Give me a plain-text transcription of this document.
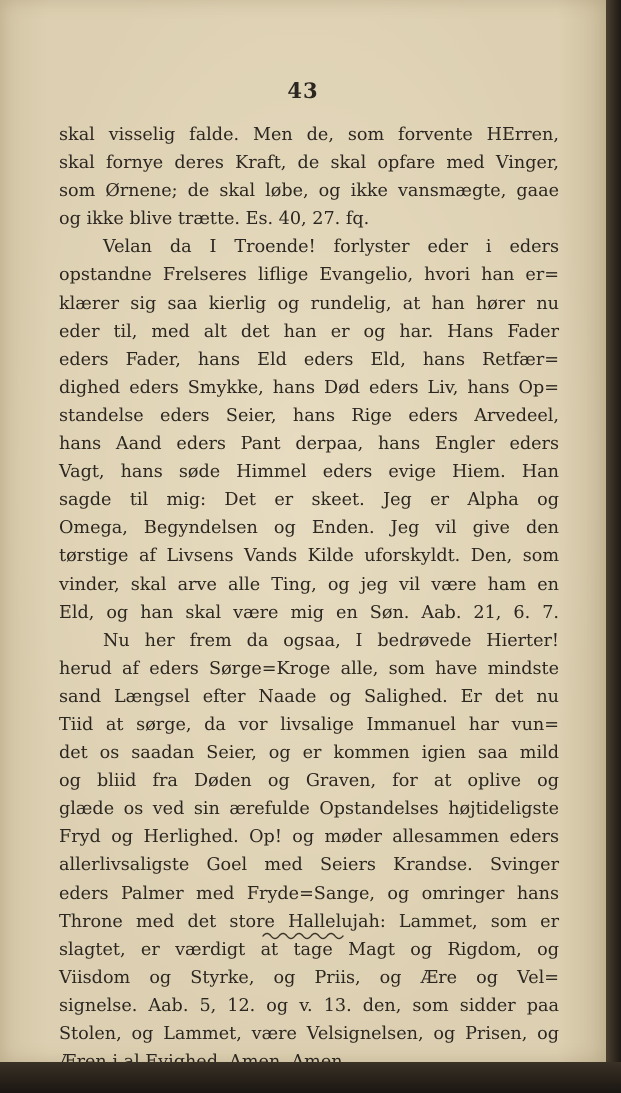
43
skal visselig falde. Men de, som forvente HErren,
skal fornye deres Kraft, de skal opfare med Vinger,
som Ørnene; de skal løbe, og ikke vansmægte, gaae
og ikke blive trætte. Es. 40, 27. fq.
Velan da I Troende! forlyster eder i eders
opstandne Frelseres liflige Evangelio, hvori han er=
klærer sig saa kierlig og rundelig, at han hører nu
eder til, med alt det han er og har. Hans Fader
eders Fader, hans Eld eders Eld, hans Retfær=
dighed eders Smykke, hans Død eders Liv, hans Op=
standelse eders Seier, hans Rige eders Arvedeel,
hans Aand eders Pant derpaa, hans Engler eders
Vagt, hans søde Himmel eders evige Hiem. Han
sagde til mig: Det er skeet. Jeg er Alpha og
Omega, Begyndelsen og Enden. Jeg vil give den
tørstige af Livsens Vands Kilde uforskyldt. Den, som
vinder, skal arve alle Ting, og jeg vil være ham en
Eld, og han skal være mig en Søn. Aab. 21, 6. 7.
Nu her frem da ogsaa, I bedrøvede Hierter!
herud af eders Sørge=Kroge alle, som have mindste
sand Længsel efter Naade og Salighed. Er det nu
Tiid at sørge, da vor livsalige Immanuel har vun=
det os saadan Seier, og er kommen igien saa mild
og bliid fra Døden og Graven, for at oplive og
glæde os ved sin ærefulde Opstandelses højtideligste
Fryd og Herlighed. Op! og møder allesammen eders
allerlivsaligste Goel med Seiers Krandse. Svinger
eders Palmer med Fryde=Sange, og omringer hans
Throne med det store Hallelujah: Lammet, som er
slagtet, er værdigt at tage Magt og Rigdom, og
Viisdom og Styrke, og Priis, og Ære og Vel=
signelse. Aab. 5, 12. og v. 13. den, som sidder paa
Stolen, og Lammet, være Velsignelsen, og Prisen, og
